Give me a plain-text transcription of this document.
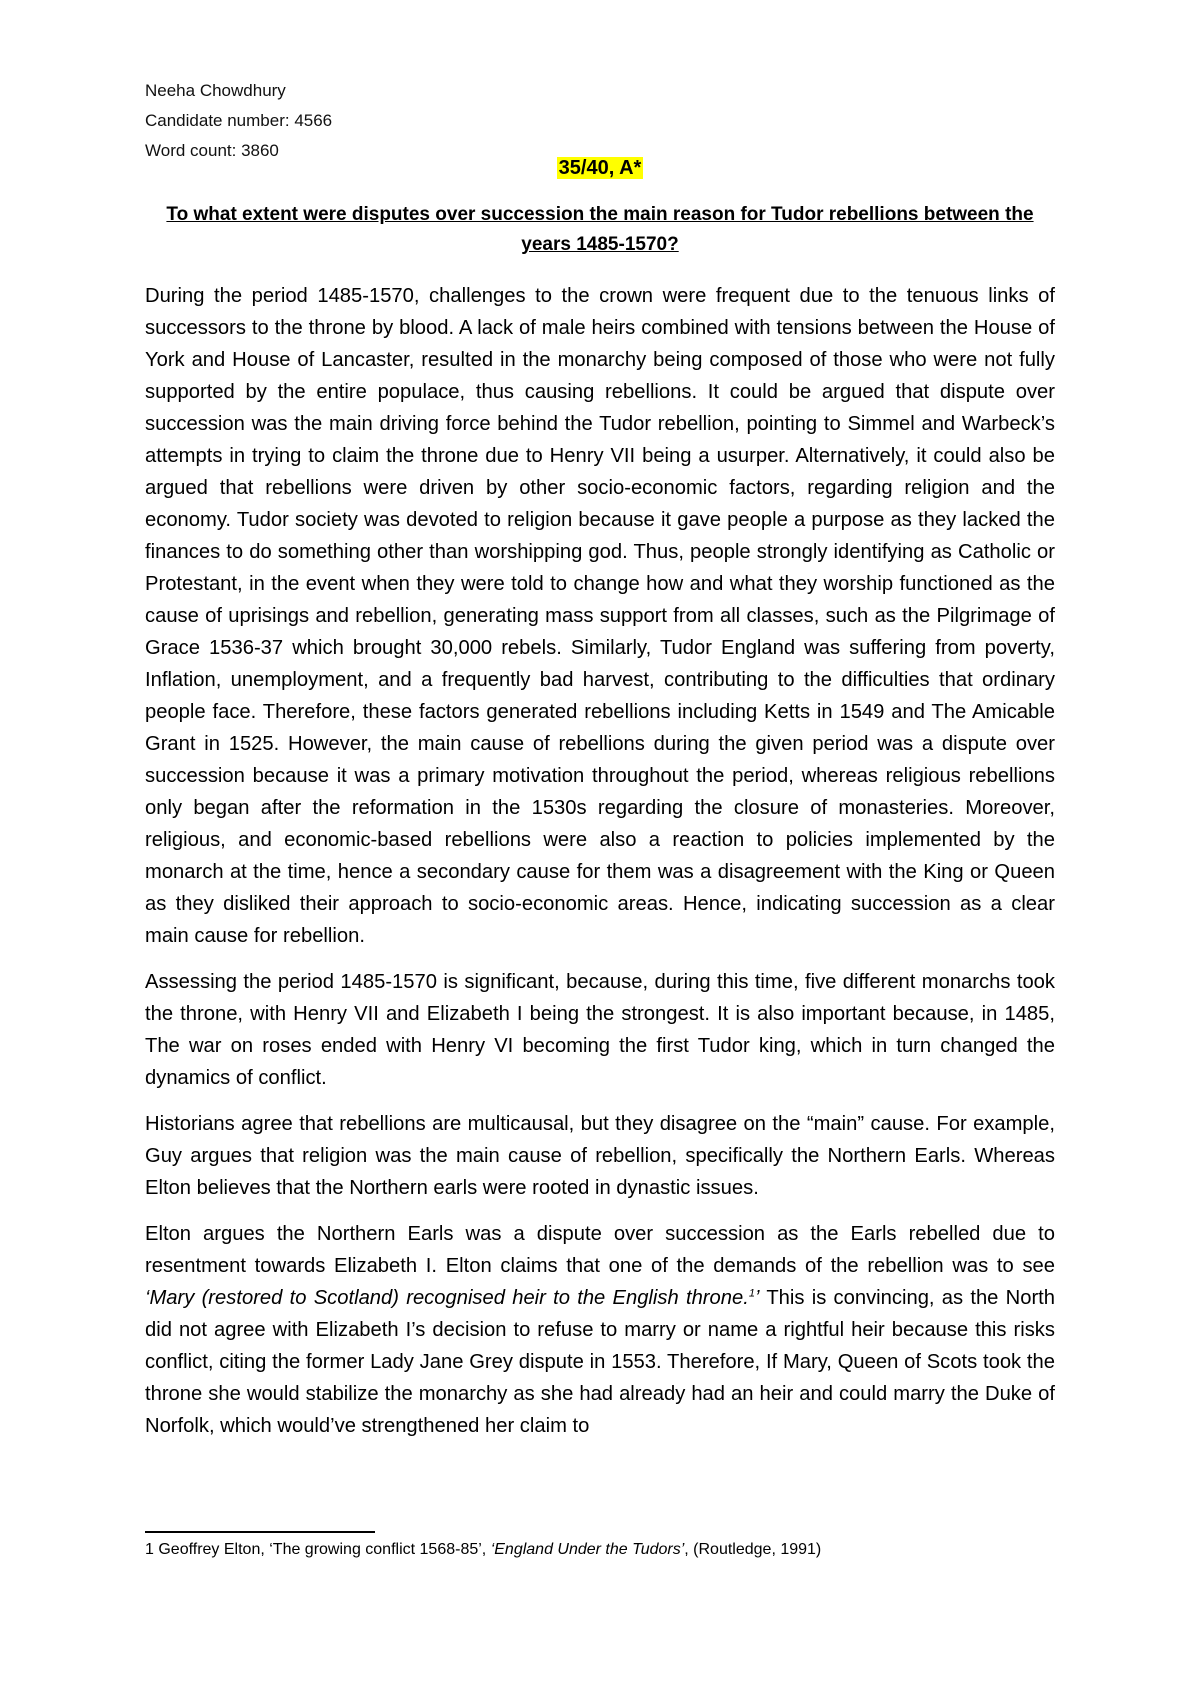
Neeha Chowdhury
Candidate number: 4566
Word count: 3860
35/40, A*
To what extent were disputes over succession the main reason for Tudor rebellions between the years 1485-1570?

During the period 1485-1570, challenges to the crown were frequent due to the tenuous links of successors to the throne by blood. A lack of male heirs combined with tensions between the House of York and House of Lancaster, resulted in the monarchy being composed of those who were not fully supported by the entire populace, thus causing rebellions. It could be argued that dispute over succession was the main driving force behind the Tudor rebellion, pointing to Simmel and Warbeck’s attempts in trying to claim the throne due to Henry VII being a usurper. Alternatively, it could also be argued that rebellions were driven by other socio-economic factors, regarding religion and the economy. Tudor society was devoted to religion because it gave people a purpose as they lacked the finances to do something other than worshipping god. Thus, people strongly identifying as Catholic or Protestant, in the event when they were told to change how and what they worship functioned as the cause of uprisings and rebellion, generating mass support from all classes, such as the Pilgrimage of Grace 1536-37 which brought 30,000 rebels. Similarly, Tudor England was suffering from poverty, Inflation, unemployment, and a frequently bad harvest, contributing to the difficulties that ordinary people face. Therefore, these factors generated rebellions including Ketts in 1549 and The Amicable Grant in 1525. However, the main cause of rebellions during the given period was a dispute over succession because it was a primary motivation throughout the period, whereas religious rebellions only began after the reformation in the 1530s regarding the closure of monasteries. Moreover, religious, and economic-based rebellions were also a reaction to policies implemented by the monarch at the time, hence a secondary cause for them was a disagreement with the King or Queen as they disliked their approach to socio-economic areas. Hence, indicating succession as a clear main cause for rebellion.

Assessing the period 1485-1570 is significant, because, during this time, five different monarchs took the throne, with Henry VII and Elizabeth I being the strongest. It is also important because, in 1485, The war on roses ended with Henry VI becoming the first Tudor king, which in turn changed the dynamics of conflict.

Historians agree that rebellions are multicausal, but they disagree on the “main” cause. For example, Guy argues that religion was the main cause of rebellion, specifically the Northern Earls. Whereas Elton believes that the Northern earls were rooted in dynastic issues.

Elton argues the Northern Earls was a dispute over succession as the Earls rebelled due to resentment towards Elizabeth I. Elton claims that one of the demands of the rebellion was to see ‘Mary (restored to Scotland) recognised heir to the English throne.$^1$’ This is convincing, as the North did not agree with Elizabeth I’s decision to refuse to marry or name a rightful heir because this risks conflict, citing the former Lady Jane Grey dispute in 1553. Therefore, If Mary, Queen of Scots took the throne she would stabilize the monarchy as she had already had an heir and could marry the Duke of Norfolk, which would’ve strengthened her claim to

1 Geoffrey Elton, ‘The growing conflict 1568-85’, ‘England Under the Tudors’, (Routledge, 1991)
